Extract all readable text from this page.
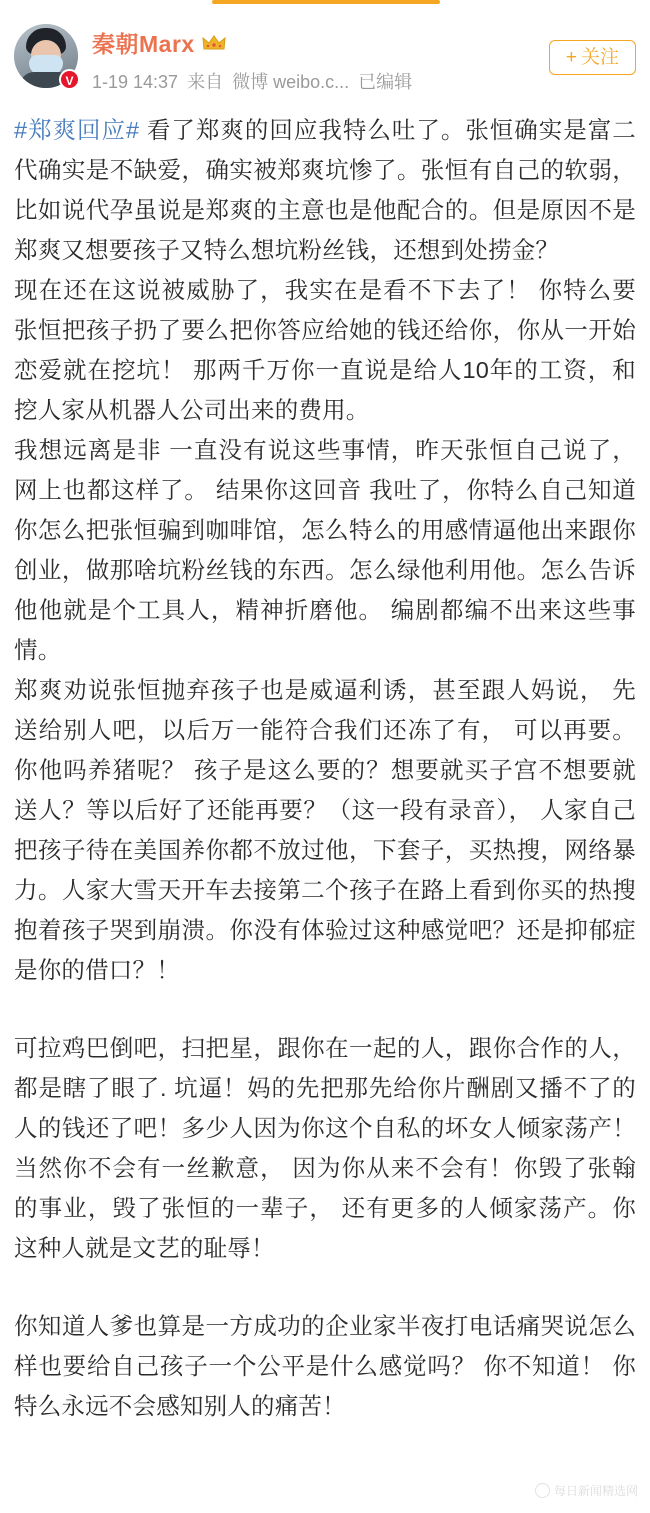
V
秦朝Marx
1-19 14:37 来自 微博 weibo.c... 已编辑
+ 关注

#郑爽回应# 看了郑爽的回应我特么吐了。张恒确实是富二代确实是不缺爱，确实被郑爽坑惨了。张恒有自己的软弱，比如说代孕虽说是郑爽的主意也是他配合的。但是原因不是郑爽又想要孩子又特么想坑粉丝钱，还想到处捞金？

现在还在这说被威胁了，我实在是看不下去了！ 你特么要张恒把孩子扔了要么把你答应给她的钱还给你，你从一开始恋爱就在挖坑！ 那两千万你一直说是给人10年的工资，和挖人家从机器人公司出来的费用。

我想远离是非 一直没有说这些事情，昨天张恒自己说了，网上也都这样了。 结果你这回音 我吐了，你特么自己知道你怎么把张恒骗到咖啡馆，怎么特么的用感情逼他出来跟你创业，做那啥坑粉丝钱的东西。怎么绿他利用他。怎么告诉他他就是个工具人，精神折磨他。 编剧都编不出来这些事情。

郑爽劝说张恒抛弃孩子也是威逼利诱，甚至跟人妈说， 先送给别人吧，以后万一能符合我们还冻了有， 可以再要。你他吗养猪呢？ 孩子是这么要的？想要就买子宫不想要就送人？等以后好了还能再要？（这一段有录音）， 人家自己把孩子待在美国养你都不放过他，下套子，买热搜，网络暴力。人家大雪天开车去接第二个孩子在路上看到你买的热搜抱着孩子哭到崩溃。你没有体验过这种感觉吧？还是抑郁症是你的借口？！

可拉鸡巴倒吧，扫把星，跟你在一起的人，跟你合作的人，都是瞎了眼了. 坑逼！妈的先把那先给你片酬剧又播不了的人的钱还了吧！多少人因为你这个自私的坏女人倾家荡产！当然你不会有一丝歉意， 因为你从来不会有！你毁了张翰的事业，毁了张恒的一辈子， 还有更多的人倾家荡产。你这种人就是文艺的耻辱！

你知道人爹也算是一方成功的企业家半夜打电话痛哭说怎么样也要给自己孩子一个公平是什么感觉吗？ 你不知道！ 你特么永远不会感知别人的痛苦！

每日新闻精选网
